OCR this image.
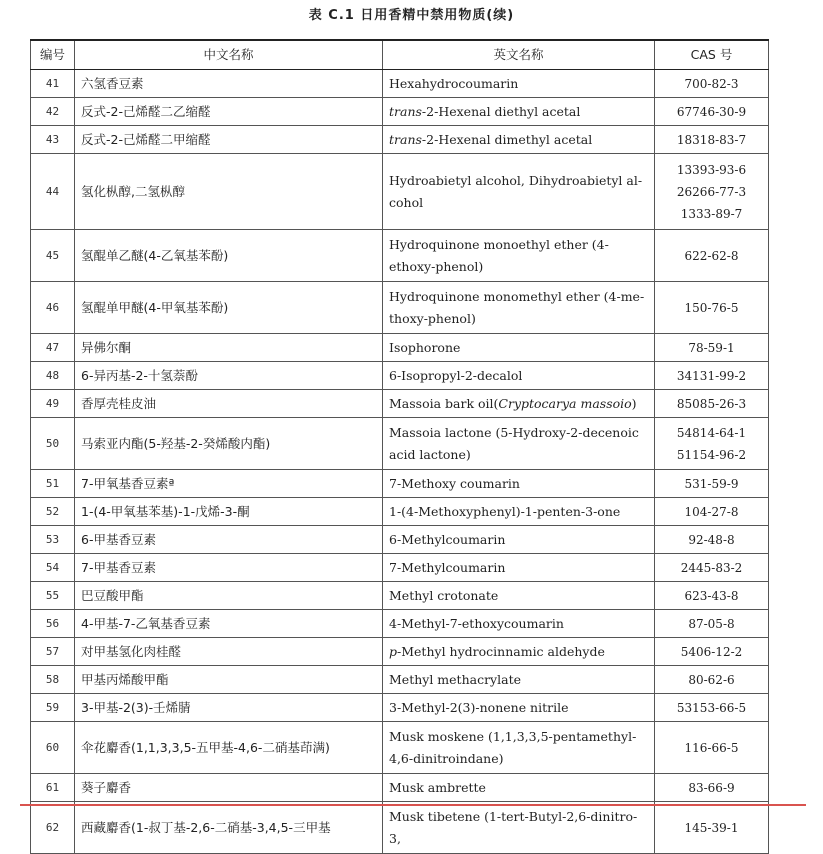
表 C.1 日用香精中禁用物质(续)
编号	中文名称	英文名称	CAS 号
41	六氢香豆素	Hexahydrocoumarin	700-82-3
42	反式-2-己烯醛二乙缩醛	trans-2-Hexenal diethyl acetal	67746-30-9
43	反式-2-己烯醛二甲缩醛	trans-2-Hexenal dimethyl acetal	18318-83-7
44	氢化枞醇,二氢枞醇	Hydroabietyl alcohol, Dihydroabietyl al-cohol	13393-93-6 26266-77-3 1333-89-7
45	氢醌单乙醚(4-乙氧基苯酚)	Hydroquinone monoethyl ether (4-ethoxy-phenol)	622-62-8
46	氢醌单甲醚(4-甲氧基苯酚)	Hydroquinone monomethyl ether (4-me-thoxy-phenol)	150-76-5
47	异佛尔酮	Isophorone	78-59-1
48	6-异丙基-2-十氢萘酚	6-Isopropyl-2-decalol	34131-99-2
49	香厚壳桂皮油	Massoia bark oil(Cryptocarya massoio)	85085-26-3
50	马索亚内酯(5-羟基-2-癸烯酸内酯)	Massoia lactone (5-Hydroxy-2-decenoic acid lactone)	54814-64-1 51154-96-2
51	7-甲氧基香豆素ª	7-Methoxy coumarin	531-59-9
52	1-(4-甲氧基苯基)-1-戊烯-3-酮	1-(4-Methoxyphenyl)-1-penten-3-one	104-27-8
53	6-甲基香豆素	6-Methylcoumarin	92-48-8
54	7-甲基香豆素	7-Methylcoumarin	2445-83-2
55	巴豆酸甲酯	Methyl crotonate	623-43-8
56	4-甲基-7-乙氧基香豆素	4-Methyl-7-ethoxycoumarin	87-05-8
57	对甲基氢化肉桂醛	p-Methyl hydrocinnamic aldehyde	5406-12-2
58	甲基丙烯酸甲酯	Methyl methacrylate	80-62-6
59	3-甲基-2(3)-壬烯腈	3-Methyl-2(3)-nonene nitrile	53153-66-5
60	伞花麝香(1,1,3,3,5-五甲基-4,6-二硝基茚满)	Musk moskene (1,1,3,3,5-pentamethyl-4,6-dinitroindane)	116-66-5
61	葵子麝香	Musk ambrette	83-66-9
62	西藏麝香(1-叔丁基-2,6-二硝基-3,4,5-三甲基	Musk tibetene (1-tert-Butyl-2,6-dinitro-3,	145-39-1
